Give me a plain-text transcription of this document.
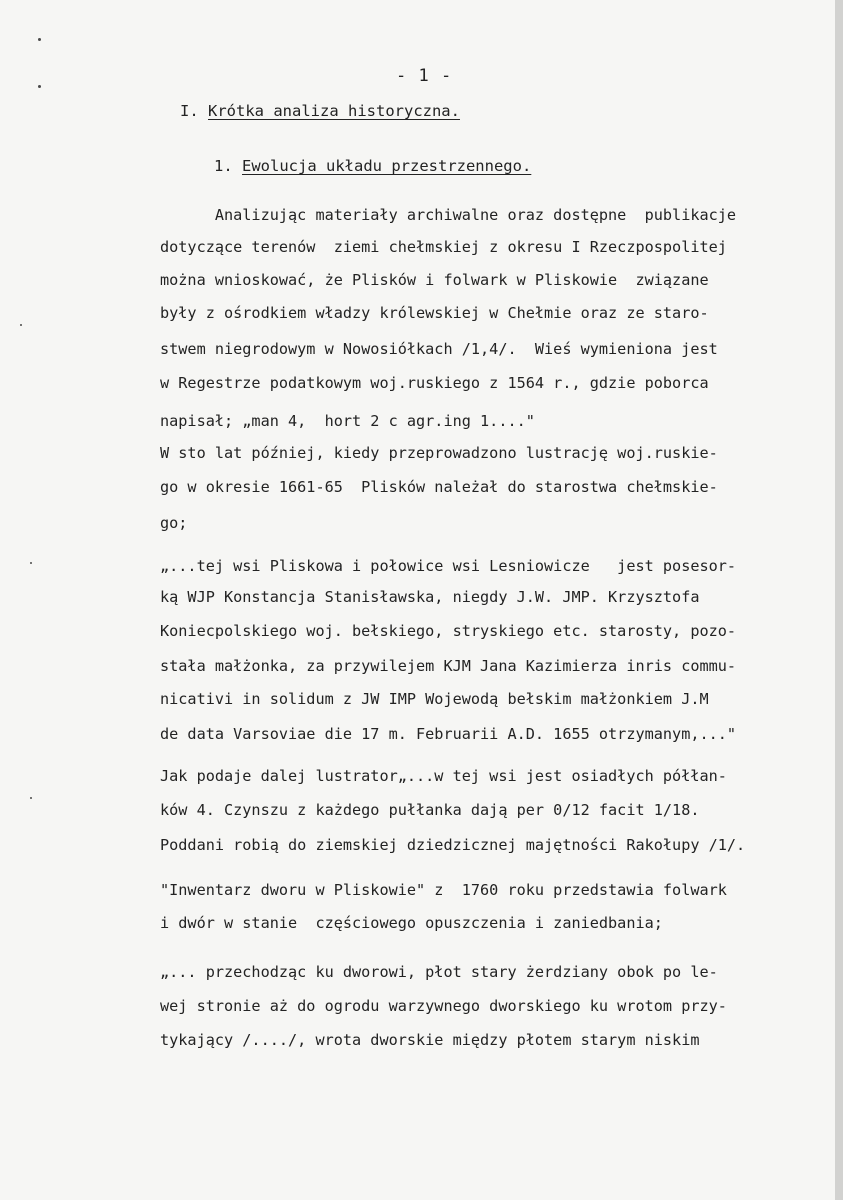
- 1 -
I. Krótka analiza historyczna.
1. Ewolucja układu przestrzennego.
Analizując materiały archiwalne oraz dostępne  publikacje
dotyczące terenów  ziemi chełmskiej z okresu I Rzeczpospolitej
można wnioskować, że Plisków i folwark w Pliskowie  związane
były z ośrodkiem władzy królewskiej w Chełmie oraz ze staro-
stwem niegrodowym w Nowosiółkach /1,4/.  Wieś wymieniona jest
w Regestrze podatkowym woj.ruskiego z 1564 r., gdzie poborca
napisał; „man 4,  hort 2 c agr.ing 1...."
W sto lat później, kiedy przeprowadzono lustrację woj.ruskie-
go w okresie 1661-65  Plisków należał do starostwa chełmskie-
go;
„...tej wsi Pliskowa i połowice wsi Lesniowicze   jest posesor-
ką WJP Konstancja Stanisławska, niegdy J.W. JMP. Krzysztofa
Koniecpolskiego woj. bełskiego, stryskiego etc. starosty, pozo-
stała małżonka, za przywilejem KJM Jana Kazimierza inris commu-
nicativi in solidum z JW IMP Wojewodą bełskim małżonkiem J.M
de data Varsoviae die 17 m. Februarii A.D. 1655 otrzymanym,..."
Jak podaje dalej lustrator„...w tej wsi jest osiadłych półłan-
ków 4. Czynszu z każdego pułłanka dają per 0/12 facit 1/18.
Poddani robią do ziemskiej dziedzicznej majętności Rakołupy /1/.
"Inwentarz dworu w Pliskowie" z  1760 roku przedstawia folwark
i dwór w stanie  częściowego opuszczenia i zaniedbania;
„... przechodząc ku dworowi, płot stary żerdziany obok po le-
wej stronie aż do ogrodu warzywnego dworskiego ku wrotom przy-
tykający /..../, wrota dworskie między płotem starym niskim
